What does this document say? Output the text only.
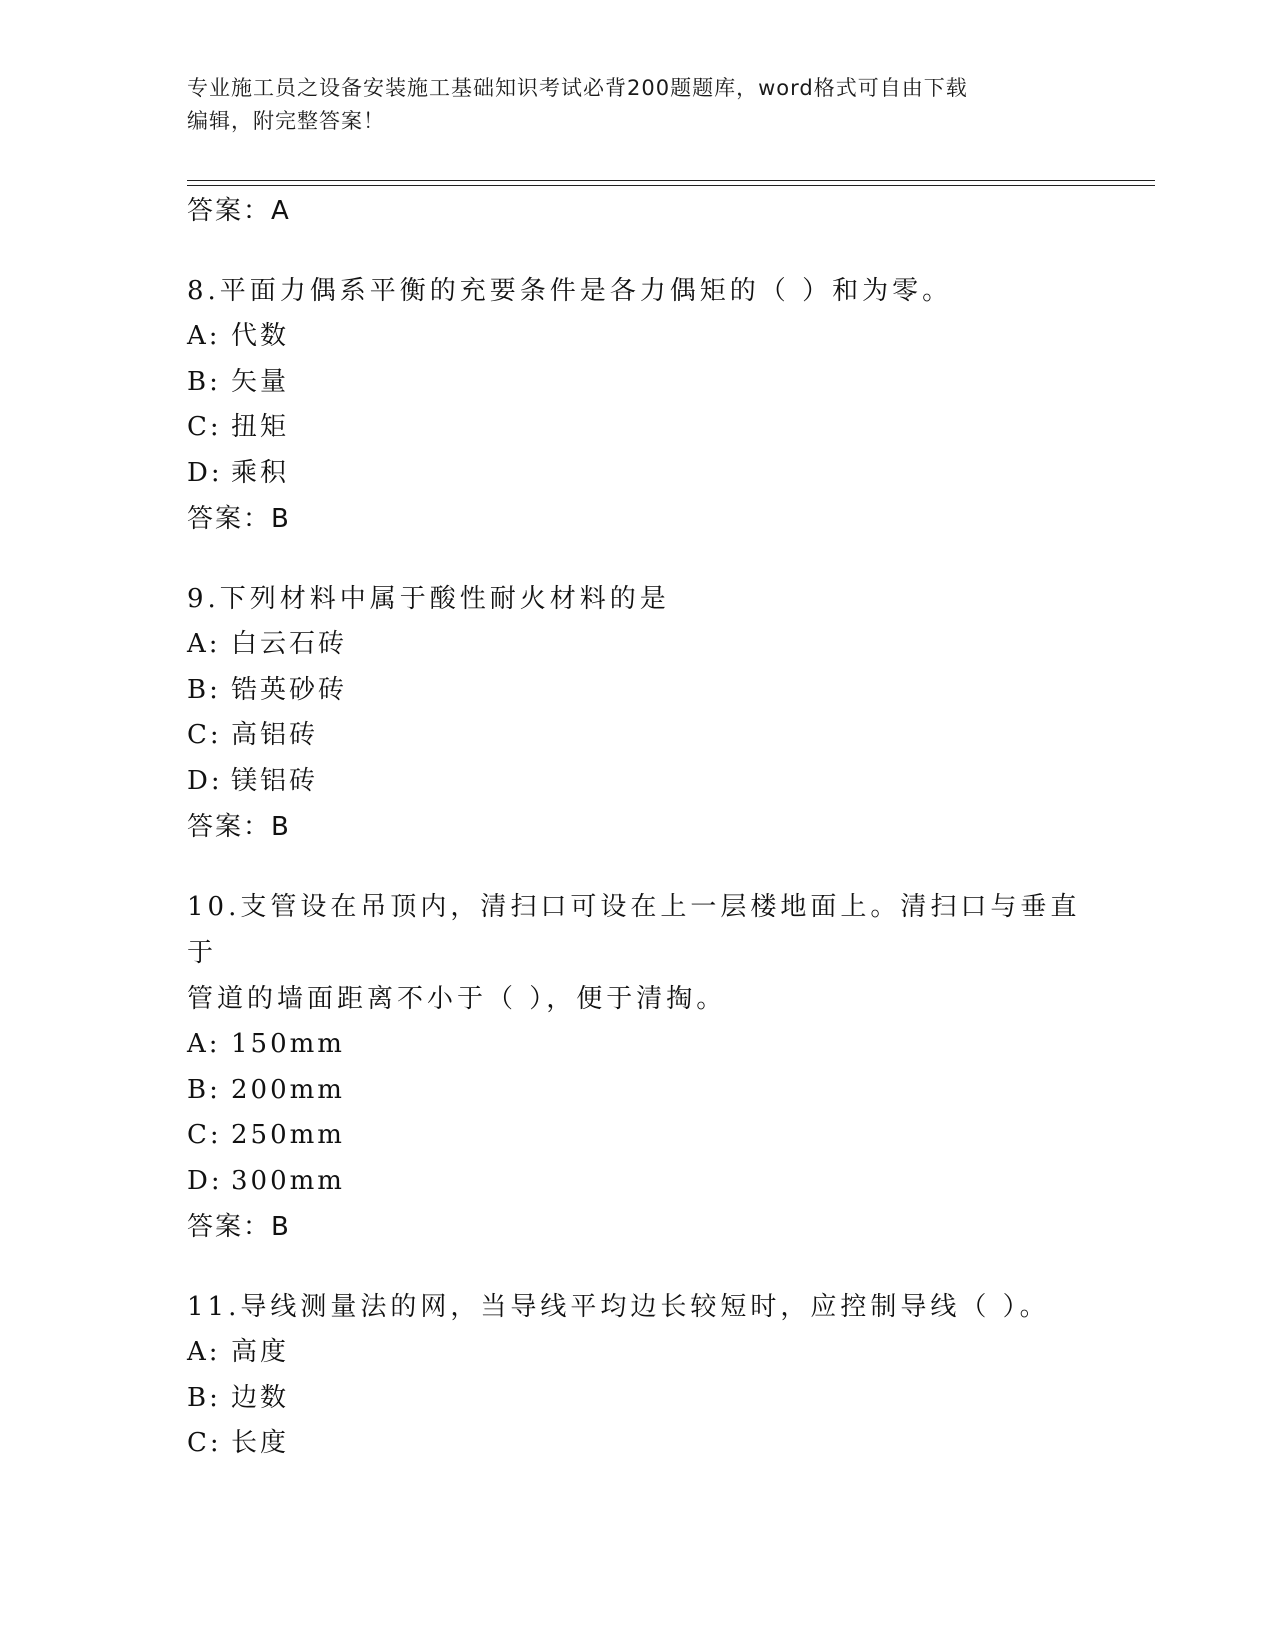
专业施工员之设备安装施工基础知识考试必背200题题库，word格式可自由下载
编辑，附完整答案！
答案：A
8.平面力偶系平衡的充要条件是各力偶矩的（ ）和为零。
A: 代数
B: 矢量
C: 扭矩
D: 乘积
答案：B
9.下列材料中属于酸性耐火材料的是
A: 白云石砖
B: 锆英砂砖
C: 高铝砖
D: 镁铝砖
答案：B
10.支管设在吊顶内，清扫口可设在上一层楼地面上。清扫口与垂直于
管道的墙面距离不小于（ ），便于清掏。
A: 150mm
B: 200mm
C: 250mm
D: 300mm
答案：B
11.导线测量法的网，当导线平均边长较短时，应控制导线（ ）。
A: 高度
B: 边数
C: 长度
